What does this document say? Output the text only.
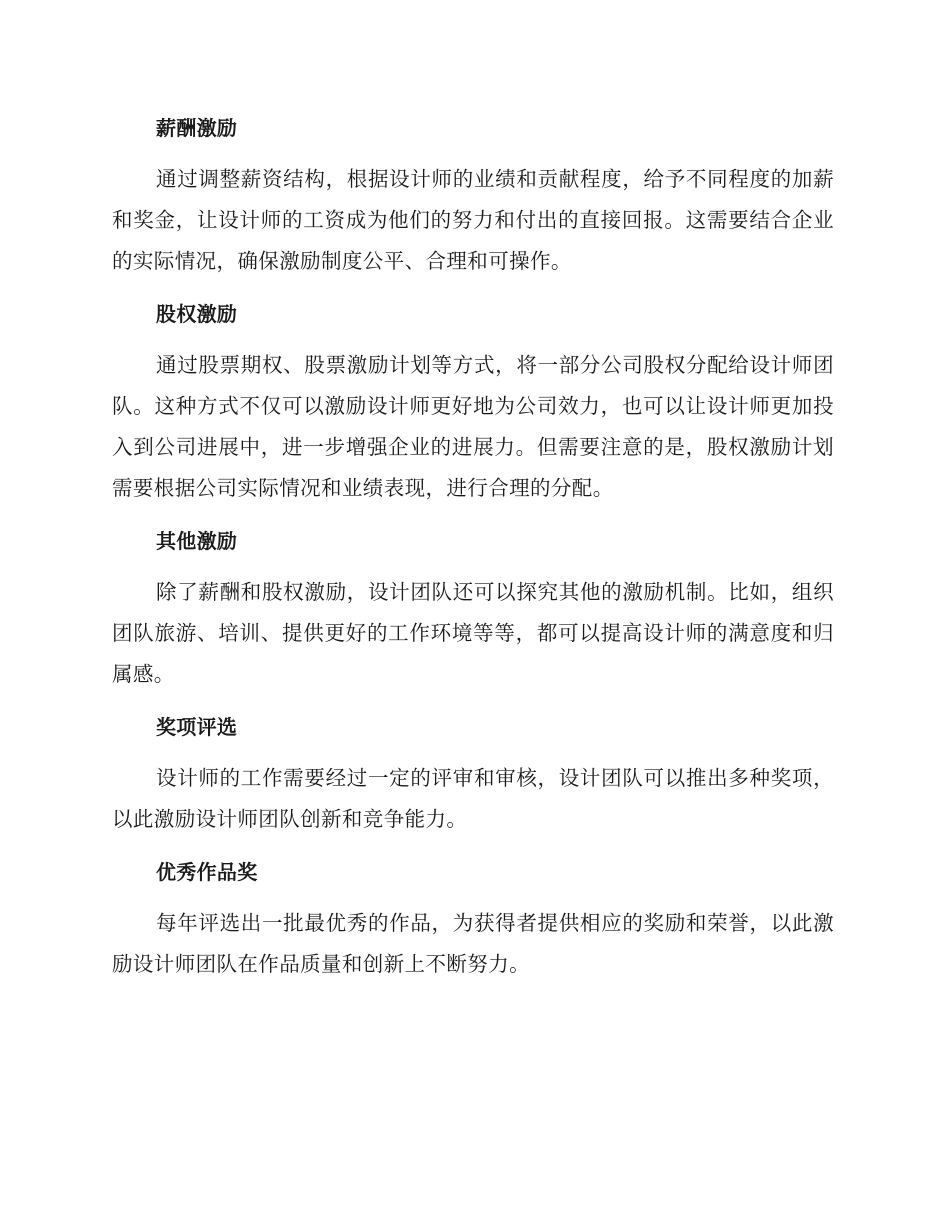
薪酬激励

通过调整薪资结构，根据设计师的业绩和贡献程度，给予不同程度的加薪和奖金，让设计师的工资成为他们的努力和付出的直接回报。这需要结合企业的实际情况，确保激励制度公平、合理和可操作。

股权激励

通过股票期权、股票激励计划等方式，将一部分公司股权分配给设计师团队。这种方式不仅可以激励设计师更好地为公司效力，也可以让设计师更加投入到公司进展中，进一步增强企业的进展力。但需要注意的是，股权激励计划需要根据公司实际情况和业绩表现，进行合理的分配。

其他激励

除了薪酬和股权激励，设计团队还可以探究其他的激励机制。比如，组织团队旅游、培训、提供更好的工作环境等等，都可以提高设计师的满意度和归属感。

奖项评选

设计师的工作需要经过一定的评审和审核，设计团队可以推出多种奖项，以此激励设计师团队创新和竞争能力。

优秀作品奖

每年评选出一批最优秀的作品，为获得者提供相应的奖励和荣誉，以此激励设计师团队在作品质量和创新上不断努力。
